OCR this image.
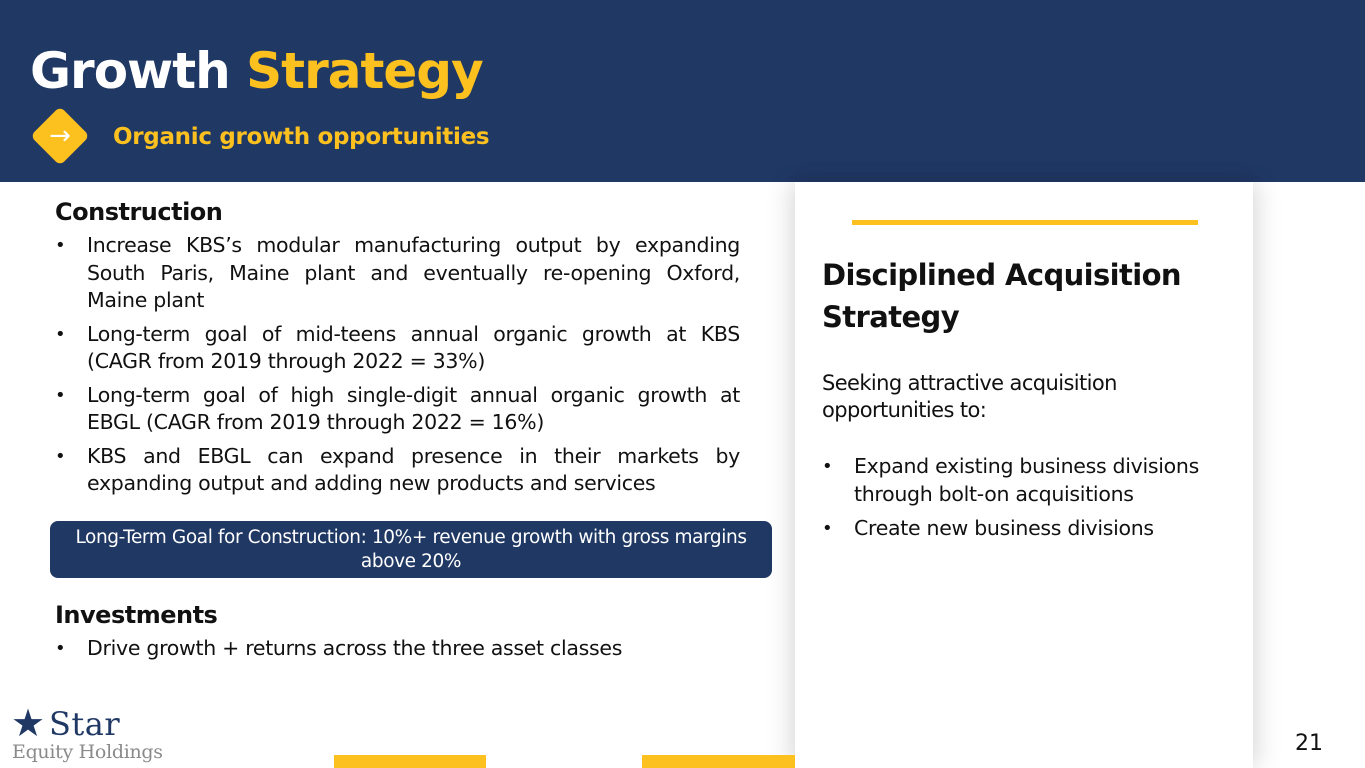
Growth Strategy
→	Organic growth opportunities
Construction
• Increase KBS’s modular manufacturing output by expanding South Paris, Maine plant and eventually re-opening Oxford, Maine plant
• Long-term goal of mid-teens annual organic growth at KBS (CAGR from 2019 through 2022 = 33%)
• Long-term goal of high single-digit annual organic growth at EBGL (CAGR from 2019 through 2022 = 16%)
• KBS and EBGL can expand presence in their markets by expanding output and adding new products and services
Long-Term Goal for Construction: 10%+ revenue growth with gross margins above 20%
Investments
• Drive growth + returns across the three asset classes
Disciplined Acquisition Strategy
Seeking attractive acquisition opportunities to:
• Expand existing business divisions through bolt-on acquisitions
• Create new business divisions
★ Star
Equity Holdings	21
